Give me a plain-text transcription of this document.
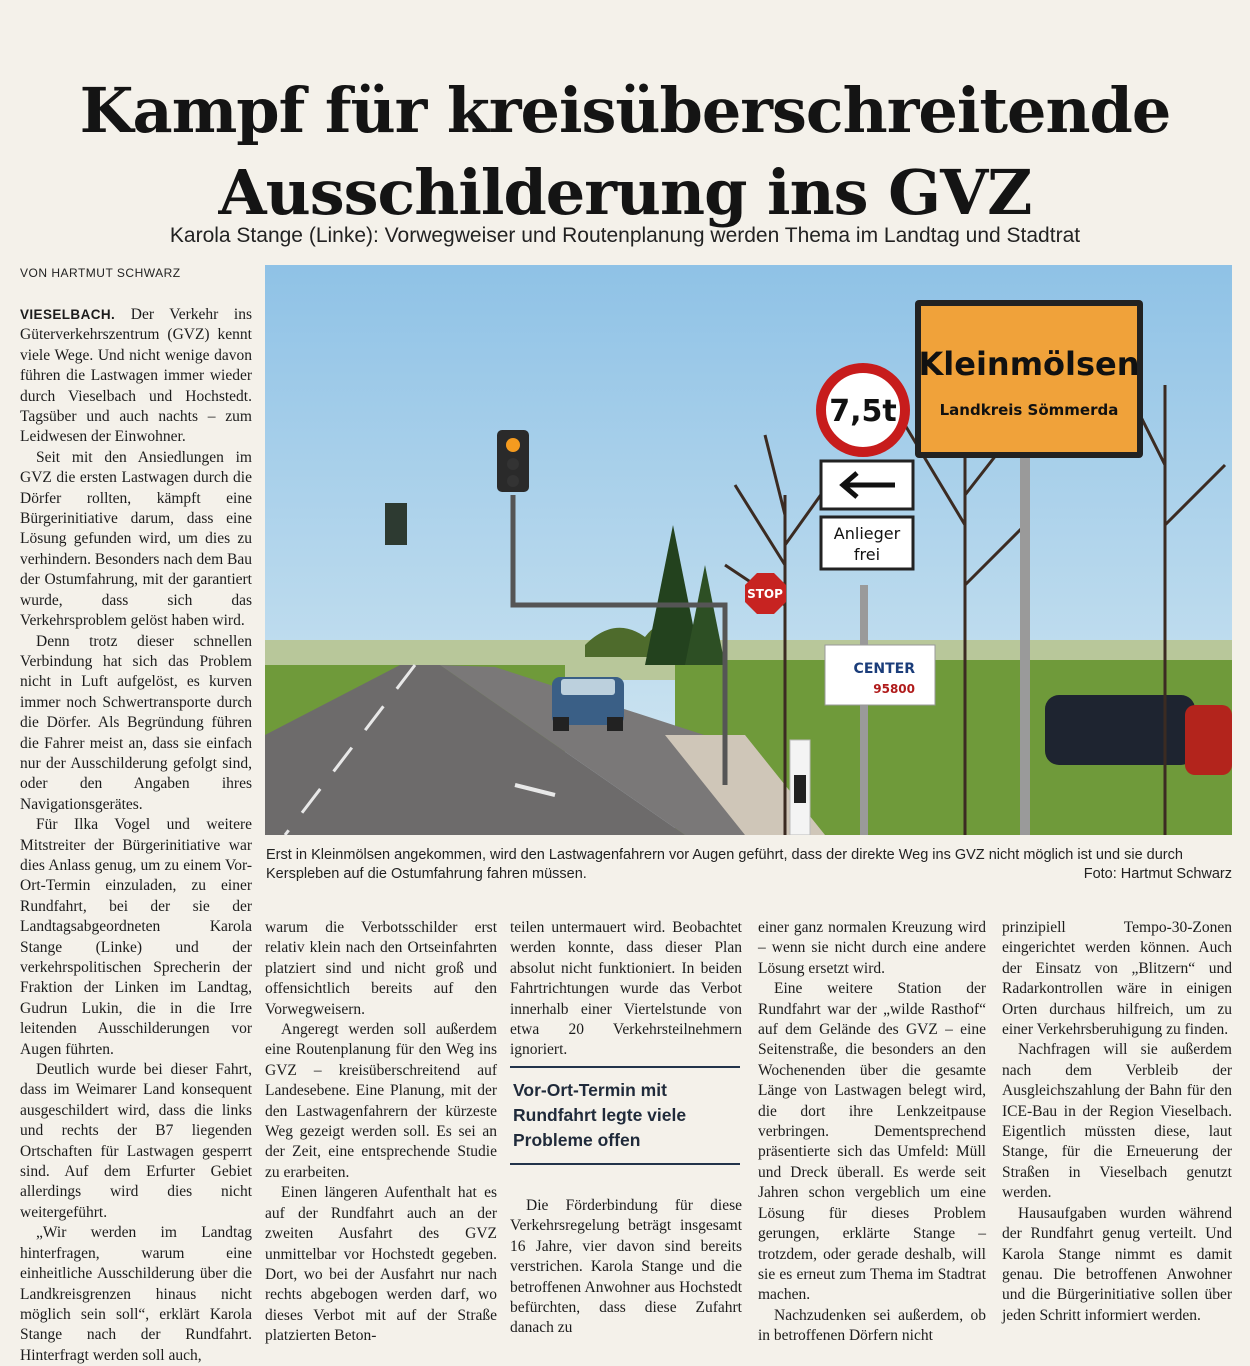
Kampf für kreisüberschreitende
Ausschilderung ins GVZ
Karola Stange (Linke): Vorwegweiser und Routenplanung werden Thema im Landtag und Stadtrat
VON HARTMUT SCHWARZ

VIESELBACH. Der Verkehr ins Güterverkehrszentrum (GVZ) kennt viele Wege. Und nicht wenige davon führen die Lastwagen immer wieder durch Vieselbach und Hochstedt. Tagsüber und auch nachts – zum Leidwesen der Einwohner.

Seit mit den Ansiedlungen im GVZ die ersten Lastwagen durch die Dörfer rollten, kämpft eine Bürgerinitiative darum, dass eine Lösung gefunden wird, um dies zu verhindern. Besonders nach dem Bau der Ostumfahrung, mit der garantiert wurde, dass sich das Verkehrsproblem gelöst haben wird.

Denn trotz dieser schnellen Verbindung hat sich das Problem nicht in Luft aufgelöst, es kurven immer noch Schwertransporte durch die Dörfer. Als Begründung führen die Fahrer meist an, dass sie einfach nur der Ausschilderung gefolgt sind, oder den Angaben ihres Navigationsgerätes.

Für Ilka Vogel und weitere Mitstreiter der Bürgerinitiative war dies Anlass genug, um zu einem Vor-Ort-Termin einzuladen, zu einer Rundfahrt, bei der sie der Landtagsabgeordneten Karola Stange (Linke) und der verkehrspolitischen Sprecherin der Fraktion der Linken im Landtag, Gudrun Lukin, die in die Irre leitenden Ausschilderungen vor Augen führten.

Deutlich wurde bei dieser Fahrt, dass im Weimarer Land konsequent ausgeschildert wird, dass die links und rechts der B7 liegenden Ortschaften für Lastwagen gesperrt sind. Auf dem Erfurter Gebiet allerdings wird dies nicht weitergeführt.

„Wir werden im Landtag hinterfragen, warum eine einheitliche Ausschilderung über die Landkreisgrenzen hinaus nicht möglich sein soll“, erklärt Karola Stange nach der Rundfahrt. Hinterfragt werden soll auch,

STOP
7,5t
Anlieger
frei
Kleinmölsen
Landkreis Sömmerda
CENTER
95800
Erst in Kleinmölsen angekommen, wird den Lastwagenfahrern vor Augen geführt, dass der direkte Weg ins GVZ nicht möglich ist und sie durch Kerspleben auf die Ostumfahrung fahren müssen.	Foto: Hartmut Schwarz

warum die Verbotsschilder erst relativ klein nach den Ortseinfahrten platziert sind und nicht groß und offensichtlich bereits auf den Vorwegweisern.

Angeregt werden soll außerdem eine Routenplanung für den Weg ins GVZ – kreisüberschreitend auf Landesebene. Eine Planung, mit der den Lastwagenfahrern der kürzeste Weg gezeigt werden soll. Es sei an der Zeit, eine entsprechende Studie zu erarbeiten.

Einen längeren Aufenthalt hat es auf der Rundfahrt auch an der zweiten Ausfahrt des GVZ unmittelbar vor Hochstedt gegeben. Dort, wo bei der Ausfahrt nur nach rechts abgebogen werden darf, wo dieses Verbot mit auf der Straße platzierten Beton-

teilen untermauert wird. Beobachtet werden konnte, dass dieser Plan absolut nicht funktioniert. In beiden Fahrtrichtungen wurde das Verbot innerhalb einer Viertelstunde von etwa 20 Verkehrsteilnehmern ignoriert.

Vor-Ort-Termin mit Rundfahrt legte viele Probleme offen

Die Förderbindung für diese Verkehrsregelung beträgt insgesamt 16 Jahre, vier davon sind bereits verstrichen. Karola Stange und die betroffenen Anwohner aus Hochstedt befürchten, dass diese Zufahrt danach zu

einer ganz normalen Kreuzung wird – wenn sie nicht durch eine andere Lösung ersetzt wird.

Eine weitere Station der Rundfahrt war der „wilde Rasthof“ auf dem Gelände des GVZ – eine Seitenstraße, die besonders an den Wochenenden über die gesamte Länge von Lastwagen belegt wird, die dort ihre Lenkzeitpause verbringen. Dementsprechend präsentierte sich das Umfeld: Müll und Dreck überall. Es werde seit Jahren schon vergeblich um eine Lösung für dieses Problem gerungen, erklärte Stange – trotzdem, oder gerade deshalb, will sie es erneut zum Thema im Stadtrat machen.

Nachzudenken sei außerdem, ob in betroffenen Dörfern nicht

prinzipiell Tempo-30-Zonen eingerichtet werden können. Auch der Einsatz von „Blitzern“ und Radarkontrollen wäre in einigen Orten durchaus hilfreich, um zu einer Verkehrsberuhigung zu finden.

Nachfragen will sie außerdem nach dem Verbleib der Ausgleichszahlung der Bahn für den ICE-Bau in der Region Vieselbach. Eigentlich müssten diese, laut Stange, für die Erneuerung der Straßen in Vieselbach genutzt werden.

Hausaufgaben wurden während der Rundfahrt genug verteilt. Und Karola Stange nimmt es damit genau. Die betroffenen Anwohner und die Bürgerinitiative sollen über jeden Schritt informiert werden.
